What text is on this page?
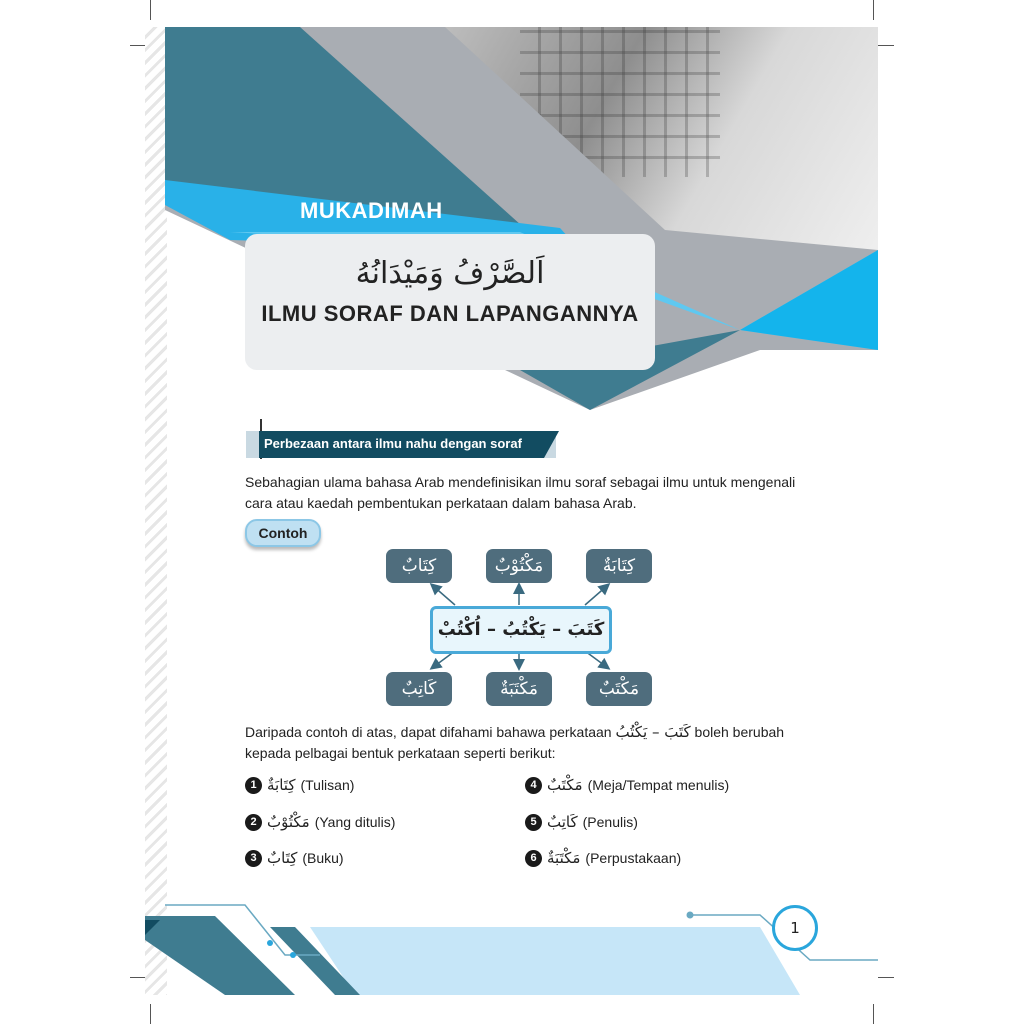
MUKADIMAH
اَلصَّرْفُ وَمَيْدَانُهُ
ILMU SORAF DAN LAPANGANNYA
Perbezaan antara ilmu nahu dengan soraf
Sebahagian ulama bahasa Arab mendefinisikan ilmu soraf sebagai ilmu untuk mengenali
cara atau kaedah pembentukan perkataan dalam bahasa Arab.
Contoh
كِتَابٌ	مَكْتُوْبٌ	كِتَابَةٌ
كَتَبَ – يَكْتُبُ – اُكْتُبْ
كَاتِبٌ	مَكْتَبَةٌ	مَكْتَبٌ
Daripada contoh di atas, dapat difahami bahawa perkataan كَتَبَ – يَكْتُبُ boleh berubah
kepada pelbagai bentuk perkataan seperti berikut:
1 كِتَابَةٌ (Tulisan)
2 مَكْتُوْبٌ (Yang ditulis)
3 كِتَابٌ (Buku)
4 مَكْتَبٌ (Meja/Tempat menulis)
5 كَاتِبٌ (Penulis)
6 مَكْتَبَةٌ (Perpustakaan)
1
